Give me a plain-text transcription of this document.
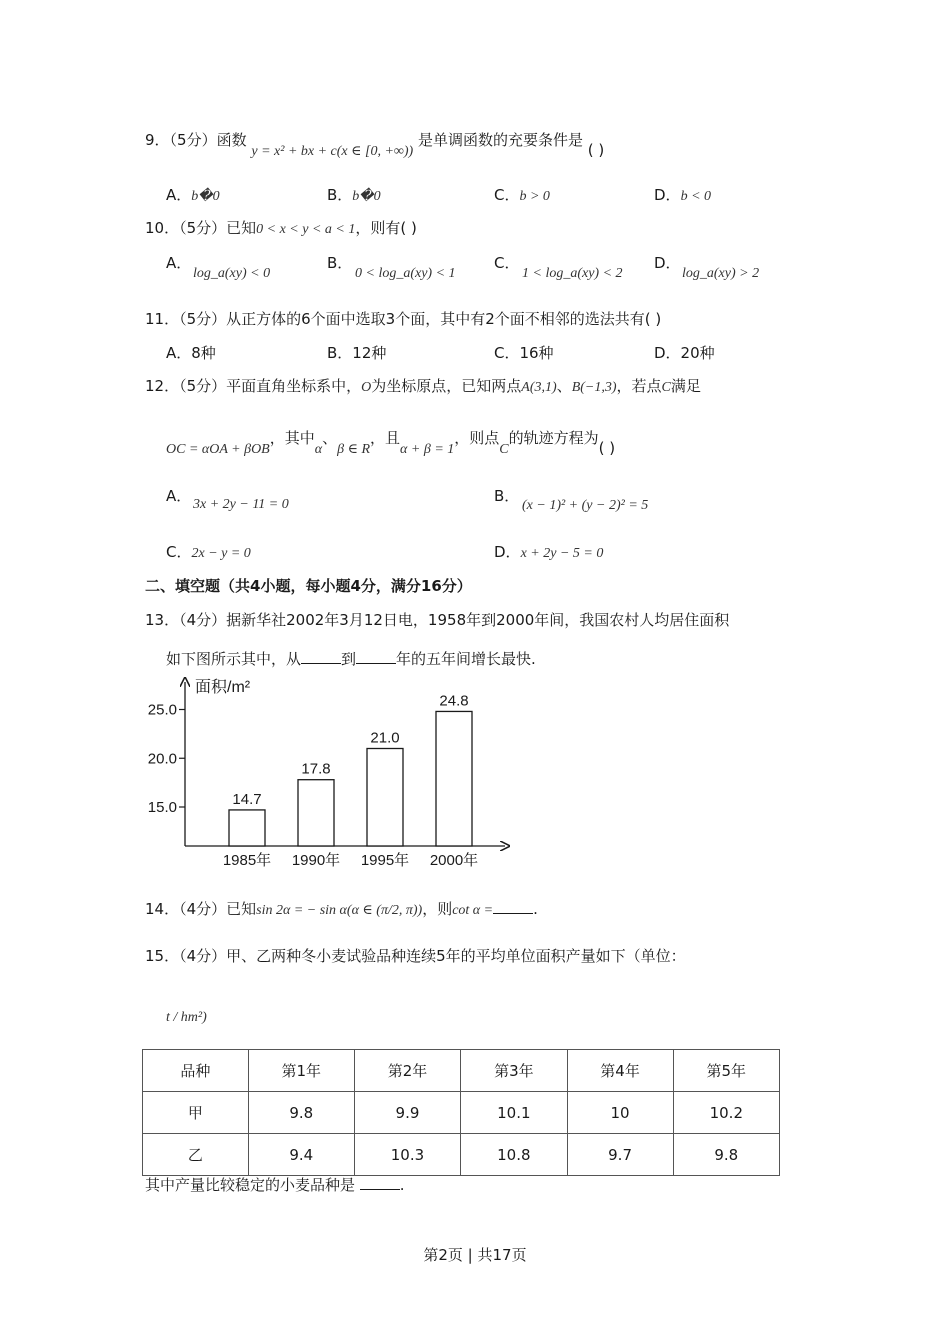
9．（5分）函数 y = x² + bx + c(x ∈ [0, +∞)) 是单调函数的充要条件是 ( )
A．b�0	B．b�0	C．b > 0	D．b < 0
10．（5分）已知0 < x < y < a < 1，则有( )
A．
log_a(xy) < 0
B．
0 < log_a(xy) < 1
C．
1 < log_a(xy) < 2
D．
log_a(xy) > 2
11．（5分）从正方体的6个面中选取3个面，其中有2个面不相邻的选法共有( )
A．8种	B．12种	C．16种	D．20种
12．（5分）平面直角坐标系中，O为坐标原点，已知两点A(3,1)、B(−1,3)，若点C满足
OC = αOA + βOB，其中α、β ∈ R，且α + β = 1，则点C的轨迹方程为( )
A． 3x + 2y − 11 = 0	B．
(x − 1)² + (y − 2)² = 5
C．2x − y = 0	D．x + 2y − 5 = 0
二、填空题（共4小题，每小题4分，满分16分）
13．（4分）据新华社2002年3月12日电，1958年到2000年间，我国农村人均居住面积
如下图所示其中，从	到	年的五年间增长最快.
面积/m²
15.0
20.0
25.0
14.7
1985年
17.8
1990年
21.0
1995年
24.8
2000年
14．（4分）已知sin 2α = − sin α(α ∈ (π/2, π))，则cot α =	.
15．（4分）甲、乙两种冬小麦试验品种连续5年的平均单位面积产量如下（单位：
t / hm²)
品种	第1年	第2年	第3年	第4年	第5年
甲	9.8	9.9	10.1	10	10.2
乙	9.4	10.3	10.8	9.7	9.8
其中产量比较稳定的小麦品种是	.
第2页 | 共17页
